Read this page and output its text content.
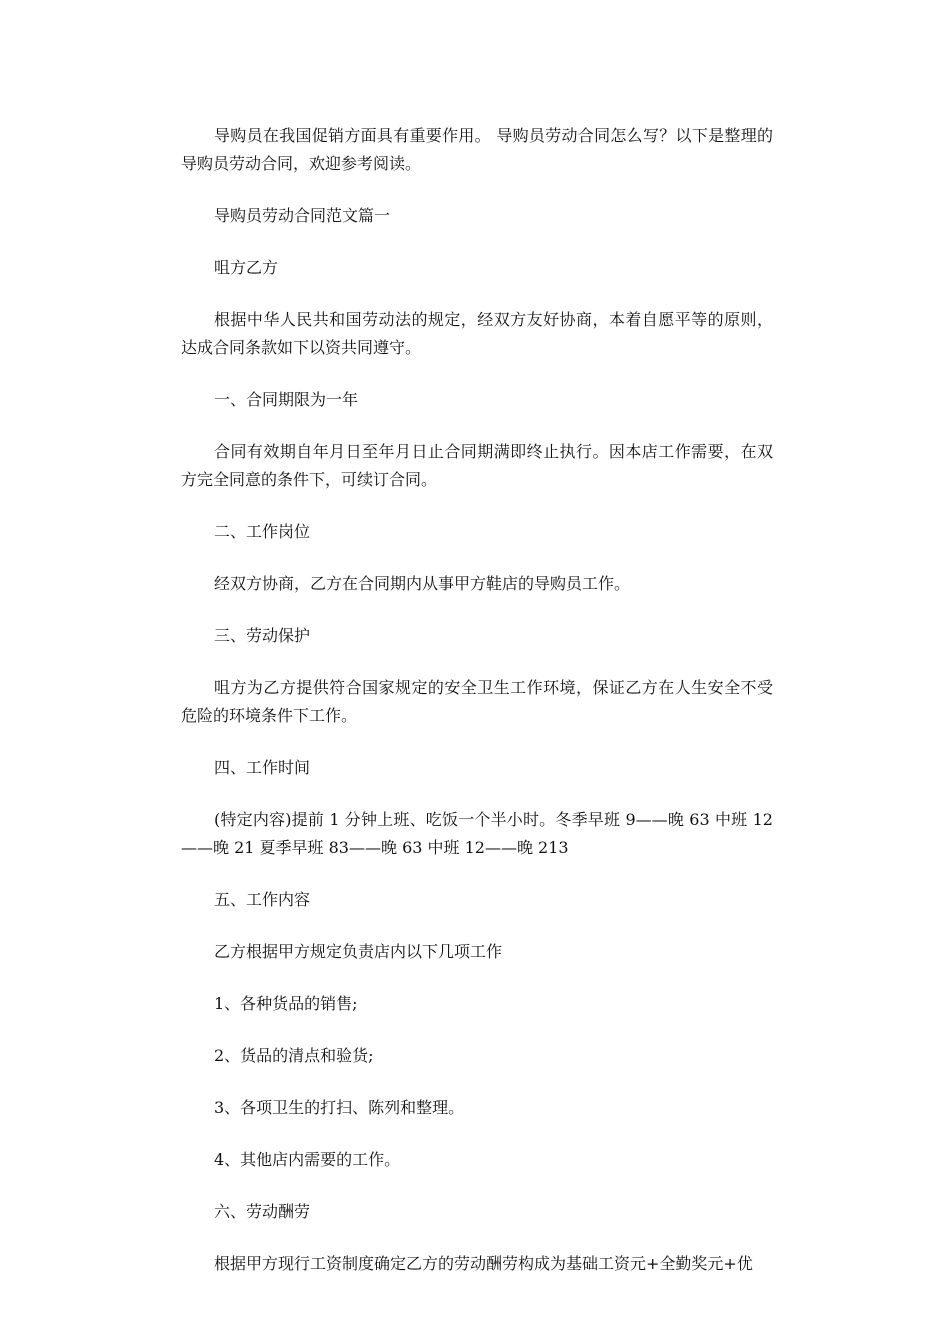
导购员在我国促销方面具有重要作用。 导购员劳动合同怎么写？以下是整理的导购员劳动合同，欢迎参考阅读。

导购员劳动合同范文篇一

咀方乙方

根据中华人民共和国劳动法的规定，经双方友好协商，本着自愿平等的原则，达成合同条款如下以资共同遵守。

一、合同期限为一年

合同有效期自年月日至年月日止合同期满即终止执行。因本店工作需要，在双方完全同意的条件下，可续订合同。

二、工作岗位

经双方协商，乙方在合同期内从事甲方鞋店的导购员工作。

三、劳动保护

咀方为乙方提供符合国家规定的安全卫生工作环境，保证乙方在人生安全不受危险的环境条件下工作。

四、工作时间

(特定内容)提前 1 分钟上班、吃饭一个半小时。冬季早班 9——晚 63 中班 12——晚 21 夏季早班 83——晚 63 中班 12——晚 213

五、工作内容

乙方根据甲方规定负责店内以下几项工作

1、各种货品的销售;

2、货品的清点和验货;

3、各项卫生的打扫、陈列和整理。

4、其他店内需要的工作。

六、劳动酬劳

根据甲方现行工资制度确定乙方的劳动酬劳构成为基础工资元+全勤奖元+优
